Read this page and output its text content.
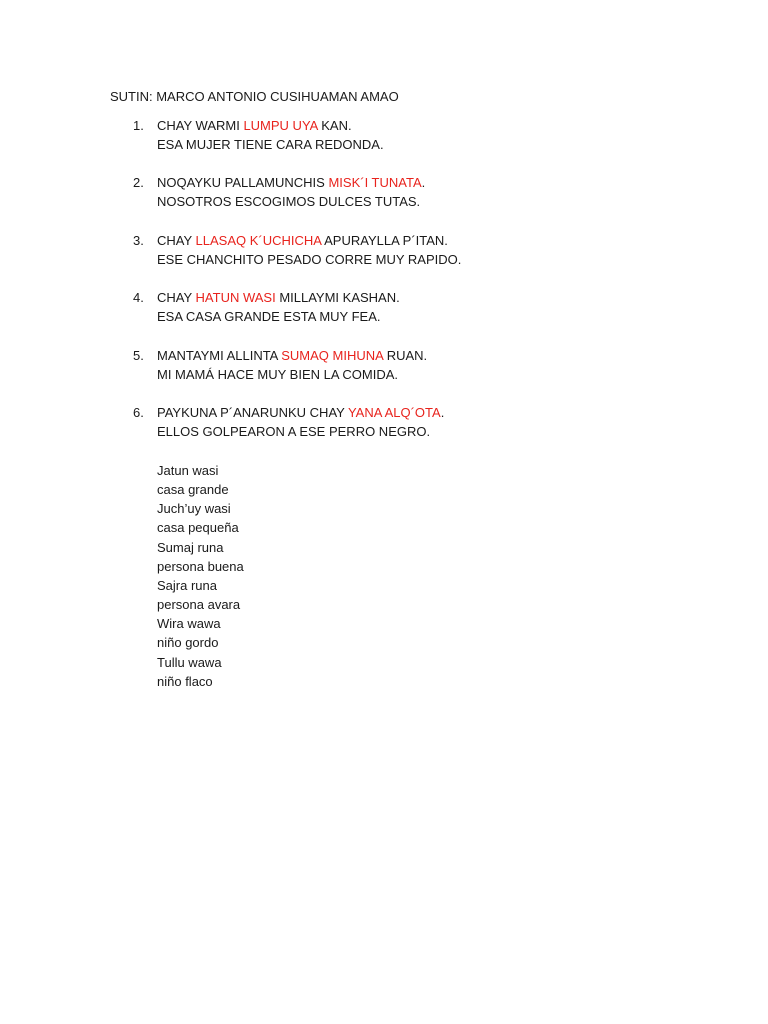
SUTIN: MARCO ANTONIO CUSIHUAMAN AMAO
1. CHAY WARMI LUMPU UYA KAN.
ESA MUJER TIENE CARA REDONDA.
2. NOQAYKU PALLAMUNCHIS MISK´I TUNATA.
NOSOTROS ESCOGIMOS DULCES TUTAS.
3. CHAY LLASAQ K´UCHICHA APURAYLLA P´ITAN.
ESE CHANCHITO PESADO CORRE MUY RAPIDO.
4. CHAY HATUN WASI MILLAYMI KASHAN.
ESA CASA GRANDE ESTA MUY FEA.
5. MANTAYMI ALLINTA SUMAQ MIHUNA RUAN.
MI MAMÁ HACE MUY BIEN LA COMIDA.
6. PAYKUNA P´ANARUNKU CHAY YANA ALQ´OTA.
ELLOS GOLPEARON A ESE PERRO NEGRO.
Jatun wasi
casa grande
Juch’uy wasi
casa pequeña
Sumaj runa
persona buena
Sajra runa
persona avara
Wira wawa
niño gordo
Tullu wawa
niño flaco
